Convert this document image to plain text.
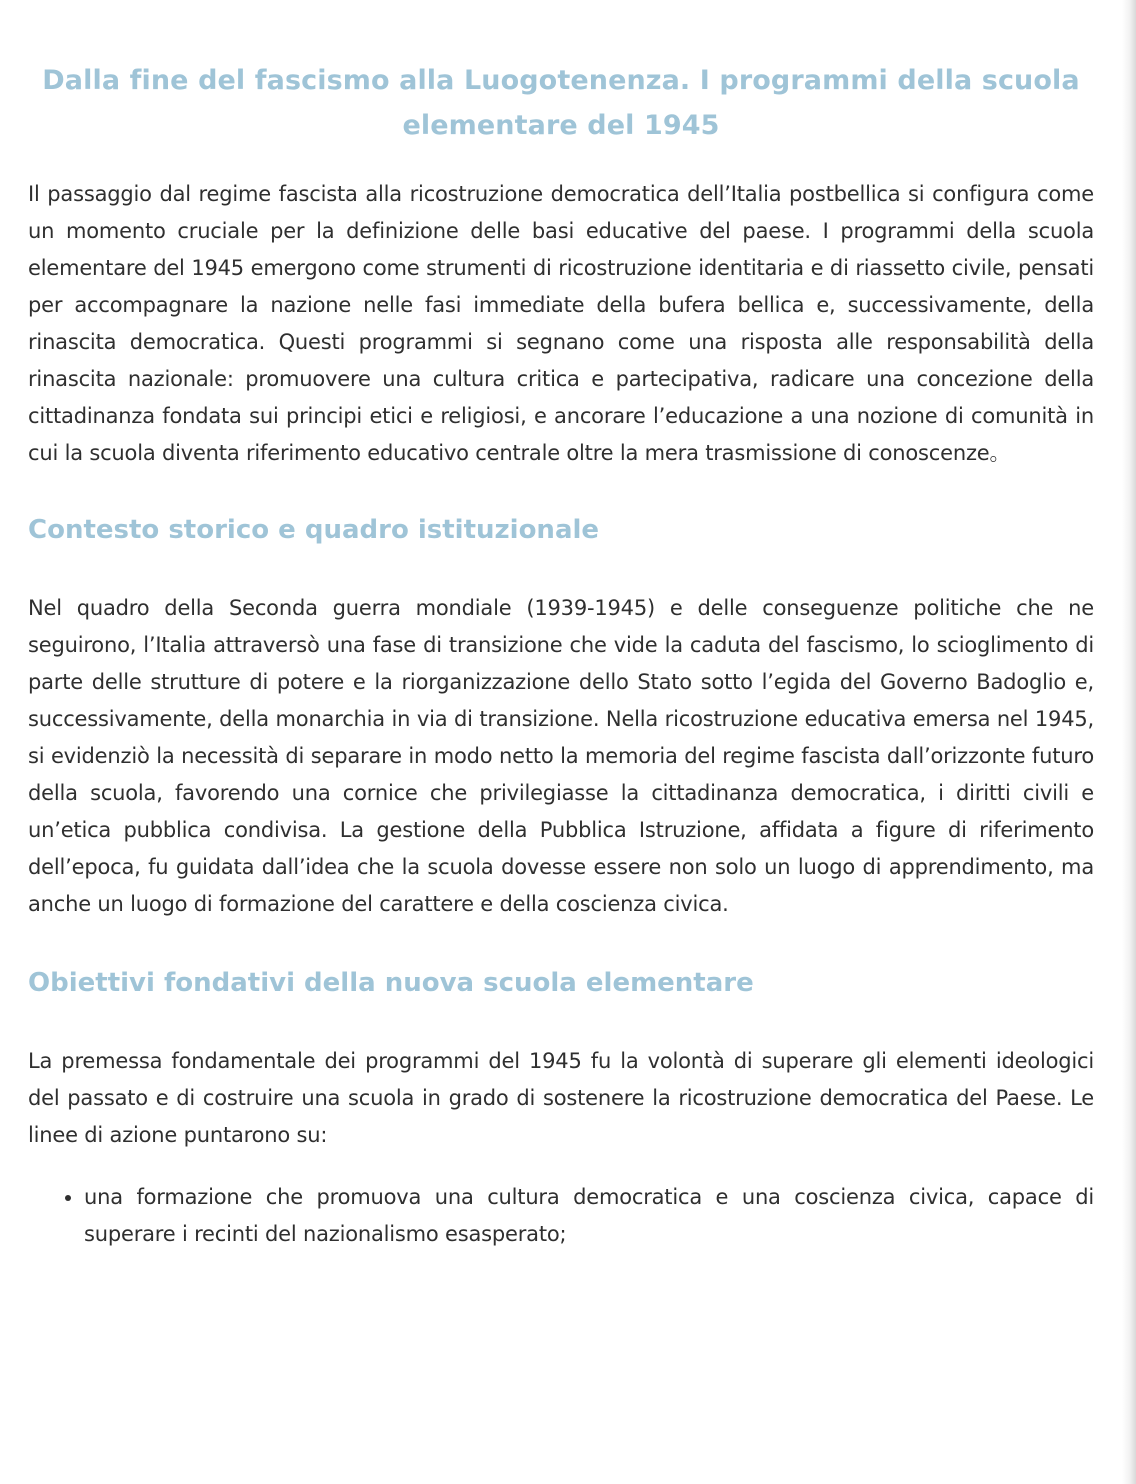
Dalla fine del fascismo alla Luogotenenza. I programmi della scuola elementare del 1945

Il passaggio dal regime fascista alla ricostruzione democratica dell’Italia postbellica si configura come un momento cruciale per la definizione delle basi educative del paese. I programmi della scuola elementare del 1945 emergono come strumenti di ricostruzione identitaria e di riassetto civile, pensati per accompagnare la nazione nelle fasi immediate della bufera bellica e, successivamente, della rinascita democratica. Questi programmi si segnano come una risposta alle responsabilità della rinascita nazionale: promuovere una cultura critica e partecipativa, radicare una concezione della cittadinanza fondata sui principi etici e religiosi, e ancorare l’educazione a una nozione di comunità in cui la scuola diventa riferimento educativo centrale oltre la mera trasmissione di conoscenze。

Contesto storico e quadro istituzionale

Nel quadro della Seconda guerra mondiale (1939-1945) e delle conseguenze politiche che ne seguirono, l’Italia attraversò una fase di transizione che vide la caduta del fascismo, lo scioglimento di parte delle strutture di potere e la riorganizzazione dello Stato sotto l’egida del Governo Badoglio e, successivamente, della monarchia in via di transizione. Nella ricostruzione educativa emersa nel 1945, si evidenziò la necessità di separare in modo netto la memoria del regime fascista dall’orizzonte futuro della scuola, favorendo una cornice che privilegiasse la cittadinanza democratica, i diritti civili e un’etica pubblica condivisa. La gestione della Pubblica Istruzione, affidata a figure di riferimento dell’epoca, fu guidata dall’idea che la scuola dovesse essere non solo un luogo di apprendimento, ma anche un luogo di formazione del carattere e della coscienza civica.

Obiettivi fondativi della nuova scuola elementare

La premessa fondamentale dei programmi del 1945 fu la volontà di superare gli elementi ideologici del passato e di costruire una scuola in grado di sostenere la ricostruzione democratica del Paese. Le linee di azione puntarono su:

• una formazione che promuova una cultura democratica e una coscienza civica, capace di superare i recinti del nazionalismo esasperato;
